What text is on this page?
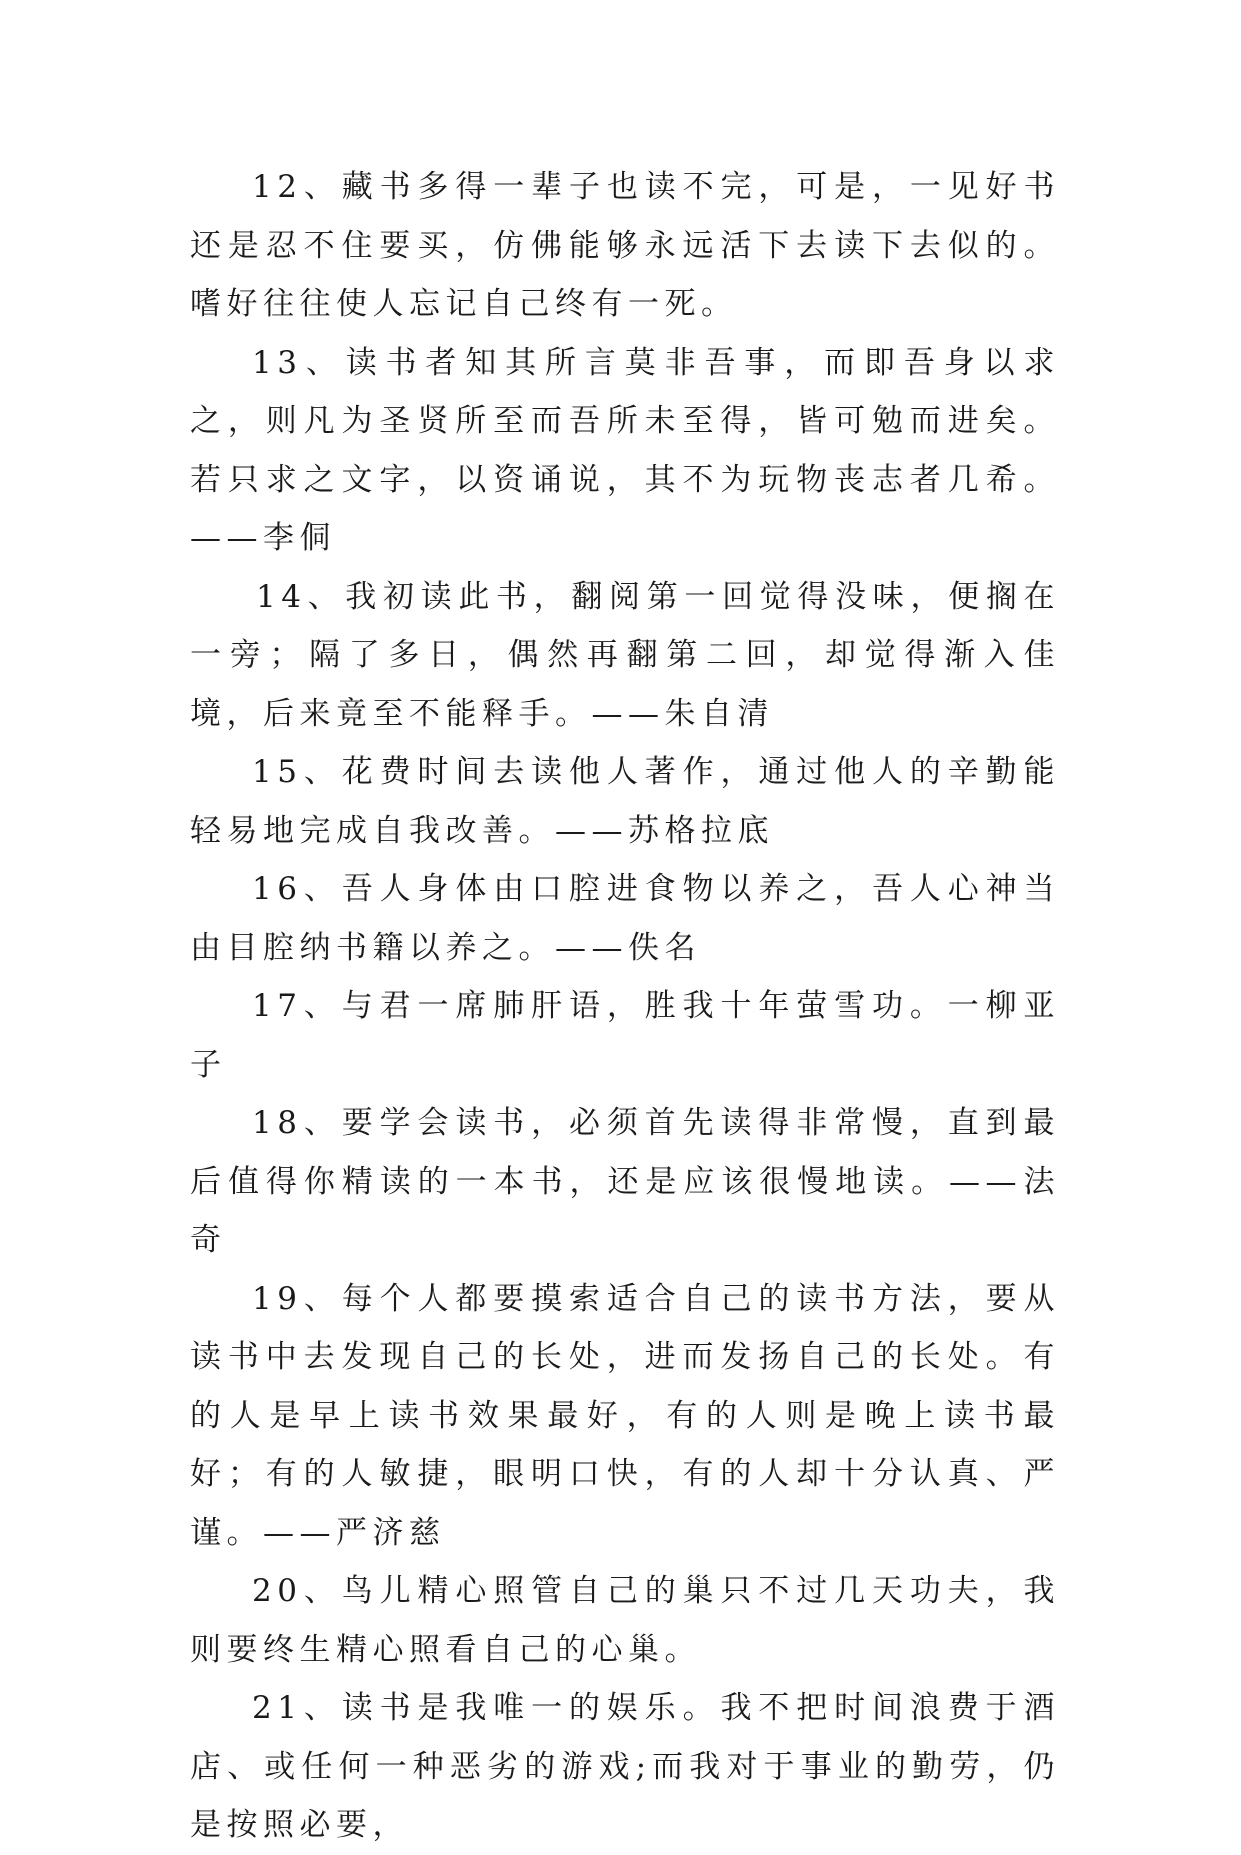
12、藏书多得一辈子也读不完，可是，一见好书还是忍不住要买，仿佛能够永远活下去读下去似的。嗜好往往使人忘记自己终有一死。

13、读书者知其所言莫非吾事，而即吾身以求之，则凡为圣贤所至而吾所未至得，皆可勉而进矣。若只求之文字，以资诵说，其不为玩物丧志者几希。——李侗

14、我初读此书，翻阅第一回觉得没味，便搁在一旁；隔了多日，偶然再翻第二回，却觉得渐入佳境，后来竟至不能释手。——朱自清

15、花费时间去读他人著作，通过他人的辛勤能轻易地完成自我改善。——苏格拉底

16、吾人身体由口腔进食物以养之，吾人心神当由目腔纳书籍以养之。——佚名

17、与君一席肺肝语，胜我十年萤雪功。一柳亚子

18、要学会读书，必须首先读得非常慢，直到最后值得你精读的一本书，还是应该很慢地读。——法奇

19、每个人都要摸索适合自己的读书方法，要从读书中去发现自己的长处，进而发扬自己的长处。有的人是早上读书效果最好，有的人则是晚上读书最好；有的人敏捷，眼明口快，有的人却十分认真、严谨。——严济慈

20、鸟儿精心照管自己的巢只不过几天功夫，我则要终生精心照看自己的心巢。

21、读书是我唯一的娱乐。我不把时间浪费于酒店、或任何一种恶劣的游戏;而我对于事业的勤劳，仍是按照必要，
